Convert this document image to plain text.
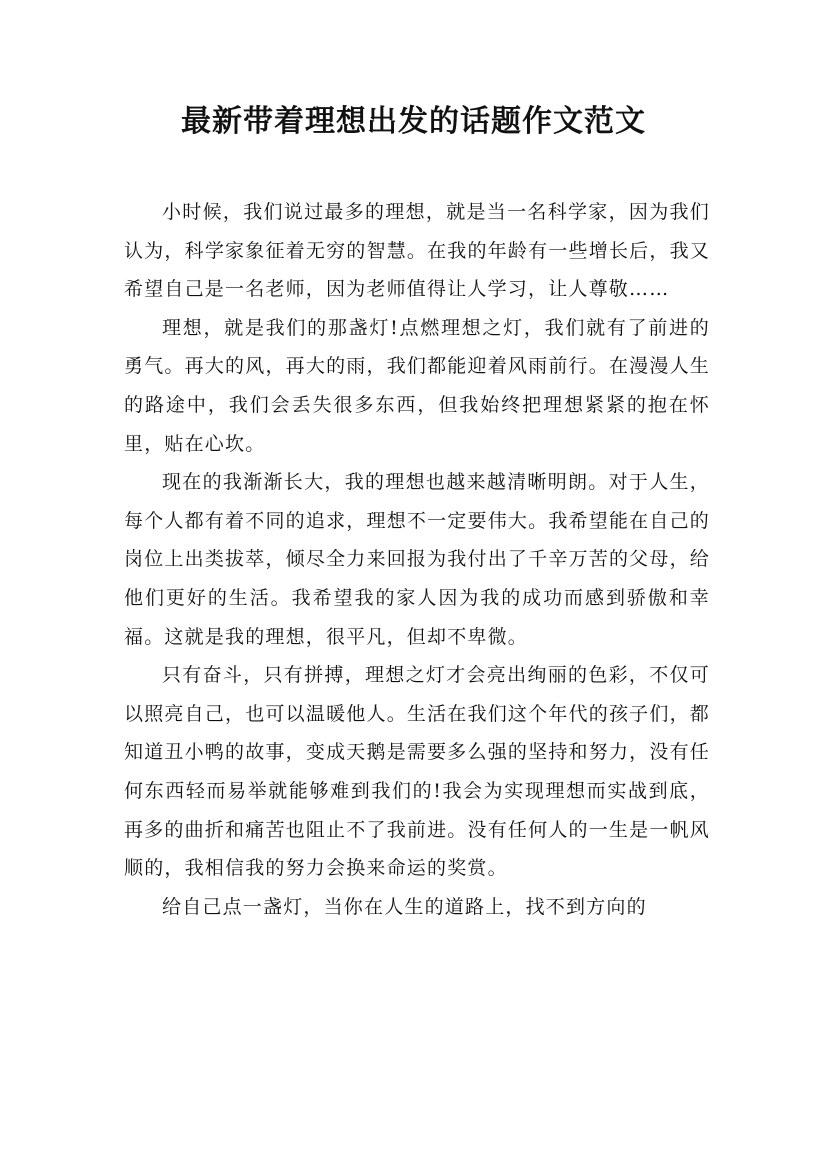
最新带着理想出发的话题作文范文

小时候，我们说过最多的理想，就是当一名科学家，因为我们认为，科学家象征着无穷的智慧。在我的年龄有一些增长后，我又希望自己是一名老师，因为老师值得让人学习，让人尊敬……

理想，就是我们的那盏灯!点燃理想之灯，我们就有了前进的勇气。再大的风，再大的雨，我们都能迎着风雨前行。在漫漫人生的路途中，我们会丢失很多东西，但我始终把理想紧紧的抱在怀里，贴在心坎。

现在的我渐渐长大，我的理想也越来越清晰明朗。对于人生，每个人都有着不同的追求，理想不一定要伟大。我希望能在自己的岗位上出类拔萃，倾尽全力来回报为我付出了千辛万苦的父母，给他们更好的生活。我希望我的家人因为我的成功而感到骄傲和幸福。这就是我的理想，很平凡，但却不卑微。

只有奋斗，只有拼搏，理想之灯才会亮出绚丽的色彩，不仅可以照亮自己，也可以温暖他人。生活在我们这个年代的孩子们，都知道丑小鸭的故事，变成天鹅是需要多么强的坚持和努力，没有任何东西轻而易举就能够难到我们的!我会为实现理想而实战到底，再多的曲折和痛苦也阻止不了我前进。没有任何人的一生是一帆风顺的，我相信我的努力会换来命运的奖赏。

给自己点一盏灯，当你在人生的道路上，找不到方向的
